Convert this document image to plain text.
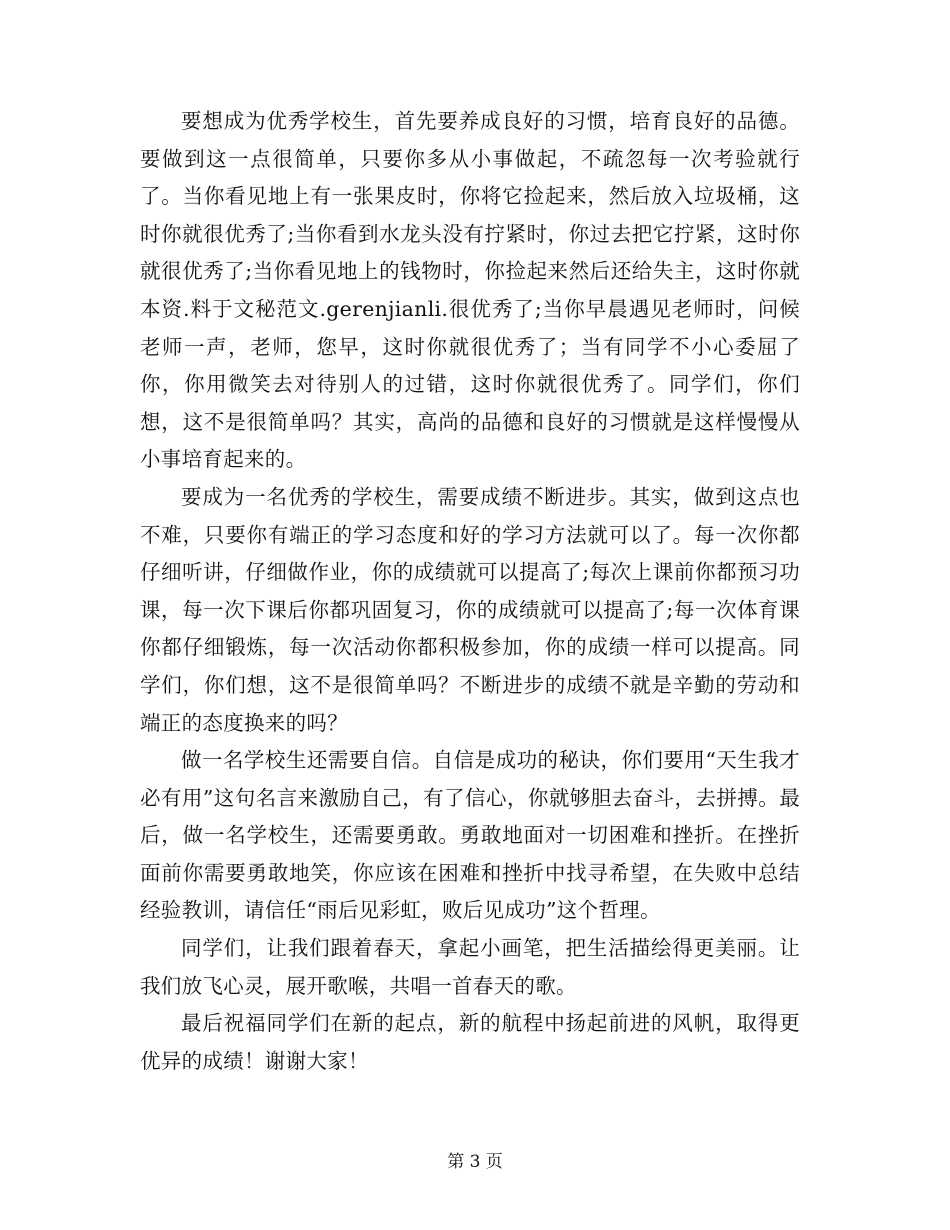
要想成为优秀学校生，首先要养成良好的习惯，培育良好的品德。要做到这一点很简单，只要你多从小事做起，不疏忽每一次考验就行了。当你看见地上有一张果皮时，你将它捡起来，然后放入垃圾桶，这时你就很优秀了;当你看到水龙头没有拧紧时，你过去把它拧紧，这时你就很优秀了;当你看见地上的钱物时，你捡起来然后还给失主，这时你就本资.料于文秘范文.gerenjianli.很优秀了;当你早晨遇见老师时，问候老师一声，老师，您早，这时你就很优秀了；当有同学不小心委屈了你，你用微笑去对待别人的过错，这时你就很优秀了。同学们，你们想，这不是很简单吗？其实，高尚的品德和良好的习惯就是这样慢慢从小事培育起来的。

要成为一名优秀的学校生，需要成绩不断进步。其实，做到这点也不难，只要你有端正的学习态度和好的学习方法就可以了。每一次你都仔细听讲，仔细做作业，你的成绩就可以提高了;每次上课前你都预习功课，每一次下课后你都巩固复习，你的成绩就可以提高了;每一次体育课你都仔细锻炼，每一次活动你都积极参加，你的成绩一样可以提高。同学们，你们想，这不是很简单吗？不断进步的成绩不就是辛勤的劳动和端正的态度换来的吗？

做一名学校生还需要自信。自信是成功的秘诀，你们要用“天生我才必有用”这句名言来激励自己，有了信心，你就够胆去奋斗，去拼搏。最后，做一名学校生，还需要勇敢。勇敢地面对一切困难和挫折。在挫折面前你需要勇敢地笑，你应该在困难和挫折中找寻希望，在失败中总结经验教训，请信任“雨后见彩虹，败后见成功”这个哲理。

同学们，让我们跟着春天，拿起小画笔，把生活描绘得更美丽。让我们放飞心灵，展开歌喉，共唱一首春天的歌。

最后祝福同学们在新的起点，新的航程中扬起前进的风帆，取得更优异的成绩！谢谢大家！

第 3 页
